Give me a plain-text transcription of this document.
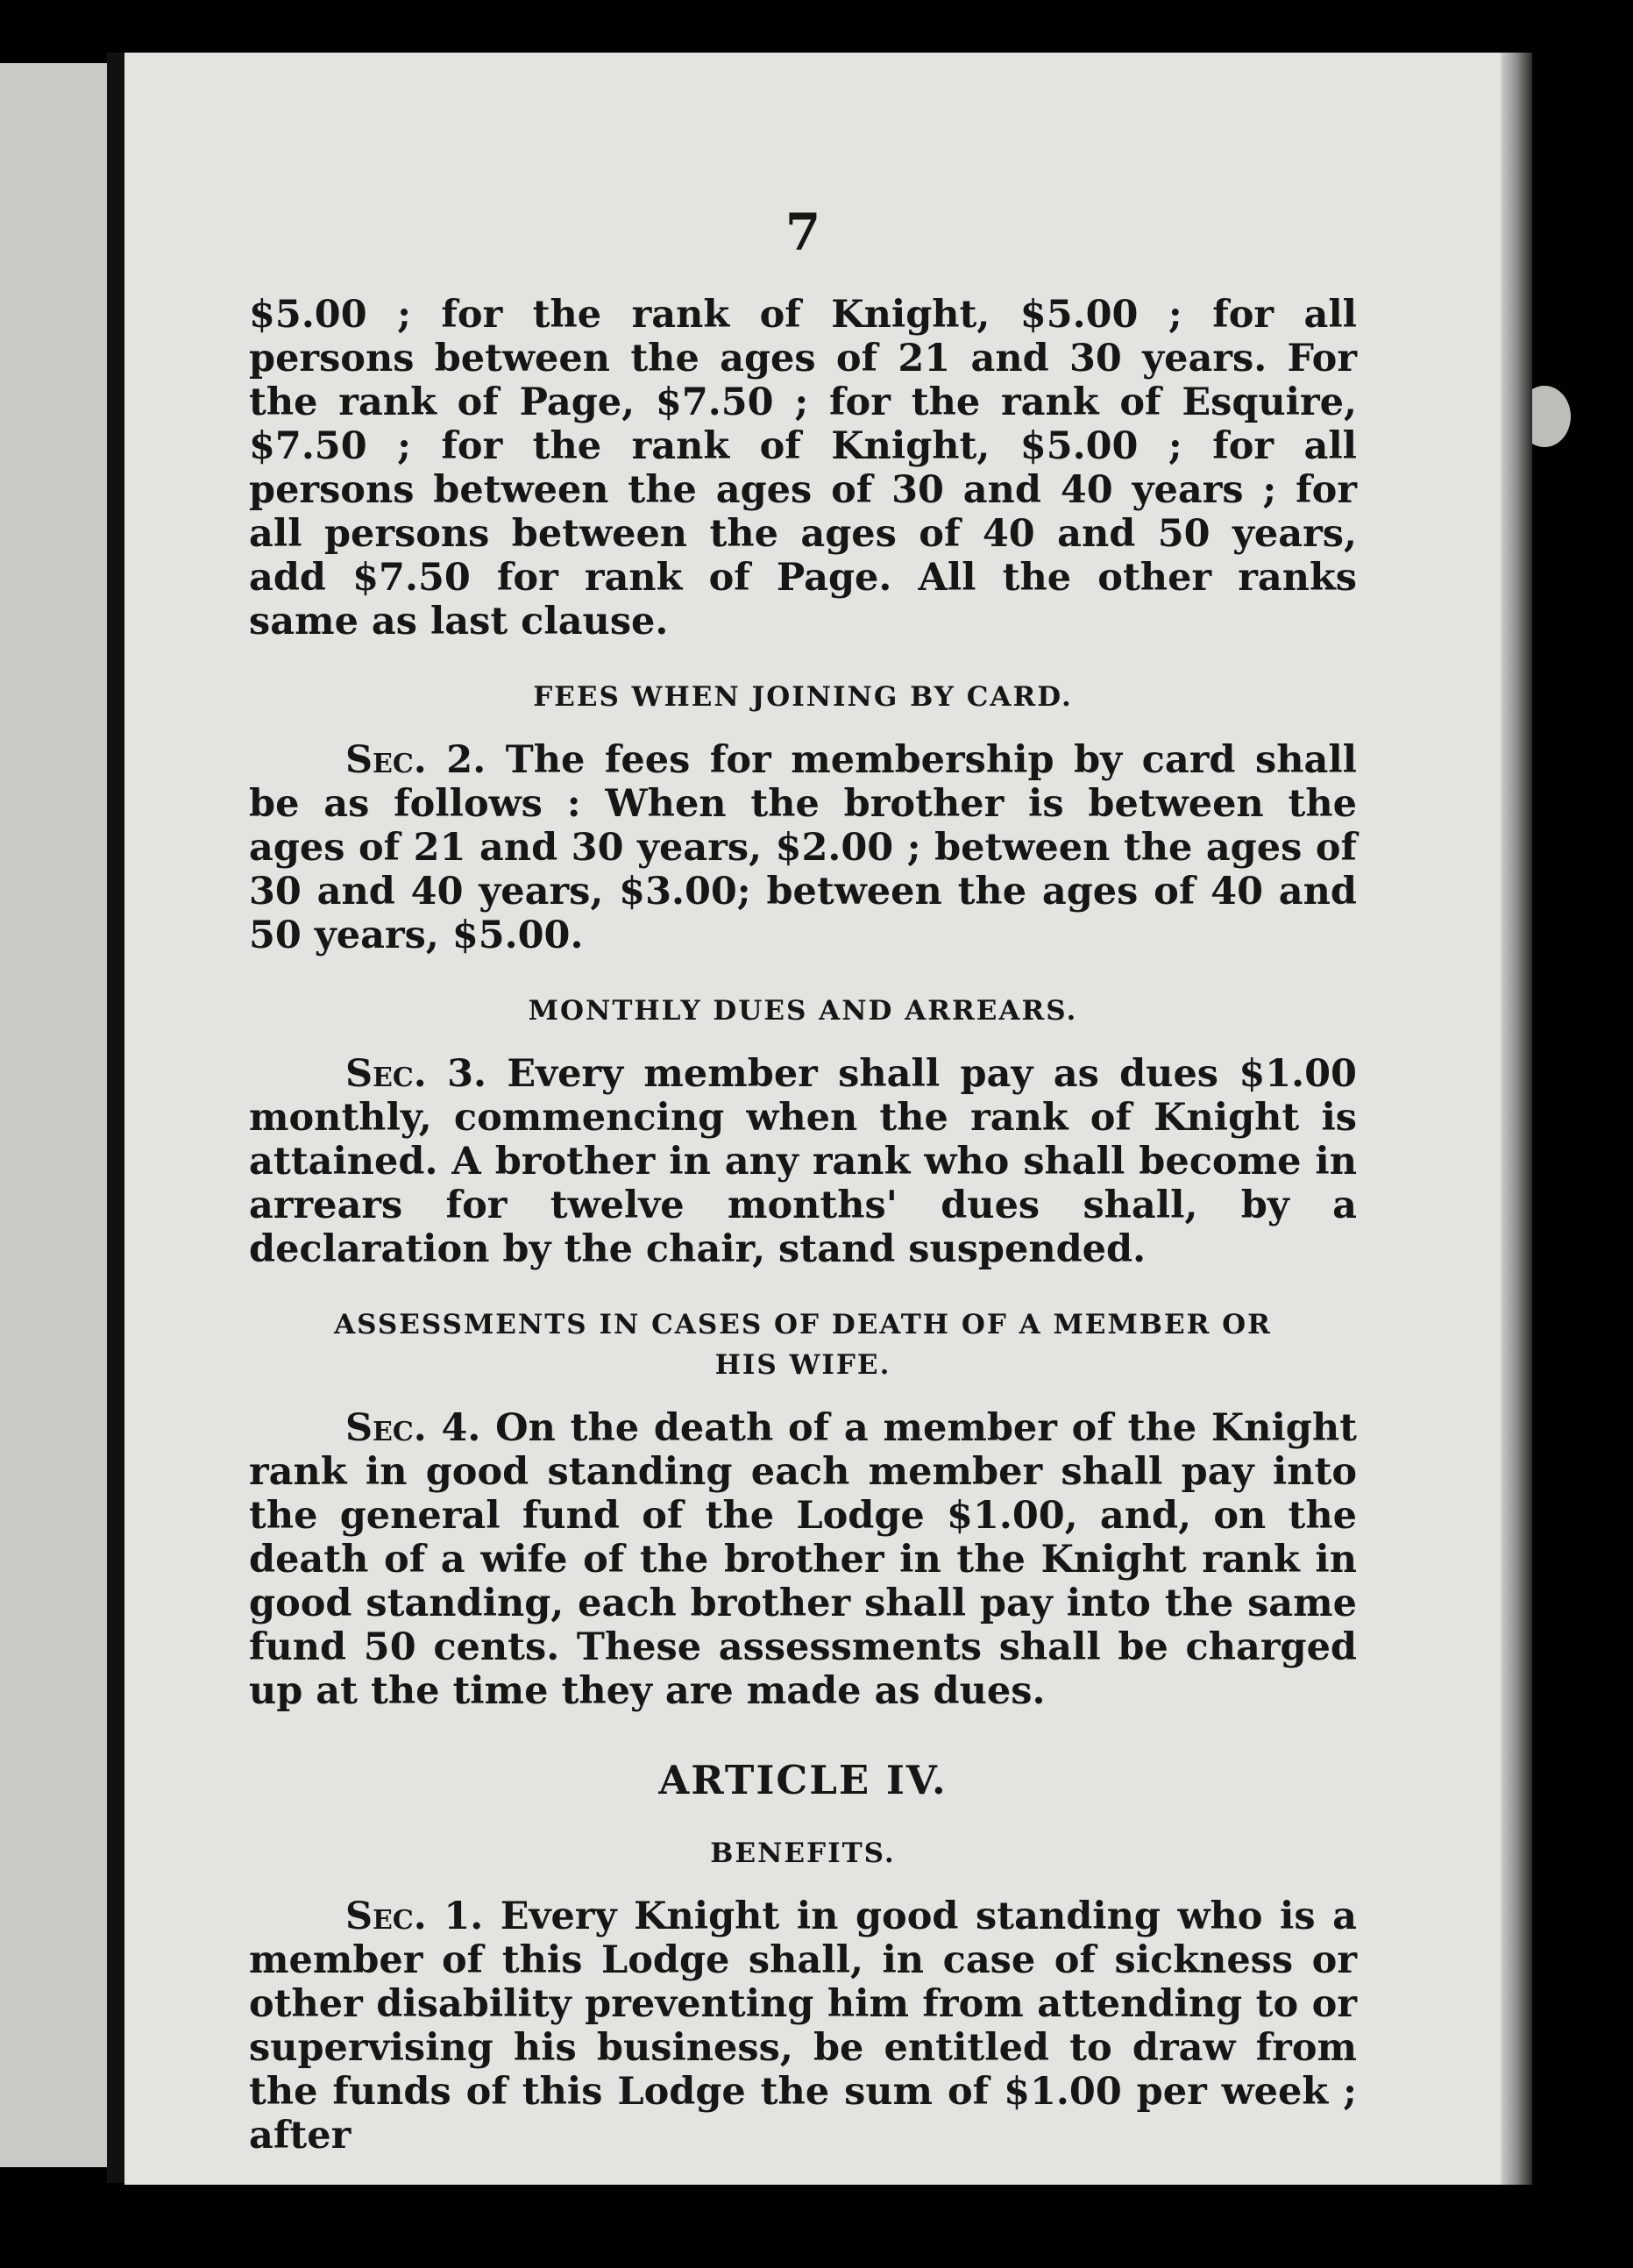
7

$5.00 ; for the rank of Knight, $5.00 ; for all persons between the ages of 21 and 30 years. For the rank of Page, $7.50 ; for the rank of Esquire, $7.50 ; for the rank of Knight, $5.00 ; for all persons between the ages of 30 and 40 years ; for all persons between the ages of 40 and 50 years, add $7.50 for rank of Page. All the other ranks same as last clause.

FEES WHEN JOINING BY CARD.

Sec. 2. The fees for membership by card shall be as follows : When the brother is between the ages of 21 and 30 years, $2.00 ; between the ages of 30 and 40 years, $3.00; between the ages of 40 and 50 years, $5.00.

MONTHLY DUES AND ARREARS.

Sec. 3. Every member shall pay as dues $1.00 monthly, commencing when the rank of Knight is attained. A brother in any rank who shall become in arrears for twelve months' dues shall, by a declaration by the chair, stand suspended.

ASSESSMENTS IN CASES OF DEATH OF A MEMBER OR
HIS WIFE.

Sec. 4. On the death of a member of the Knight rank in good standing each member shall pay into the general fund of the Lodge $1.00, and, on the death of a wife of the brother in the Knight rank in good standing, each brother shall pay into the same fund 50 cents. These assessments shall be charged up at the time they are made as dues.

ARTICLE IV.
BENEFITS.

Sec. 1. Every Knight in good standing who is a member of this Lodge shall, in case of sickness or other disability preventing him from attending to or supervising his business, be entitled to draw from the funds of this Lodge the sum of $1.00 per week ; after
